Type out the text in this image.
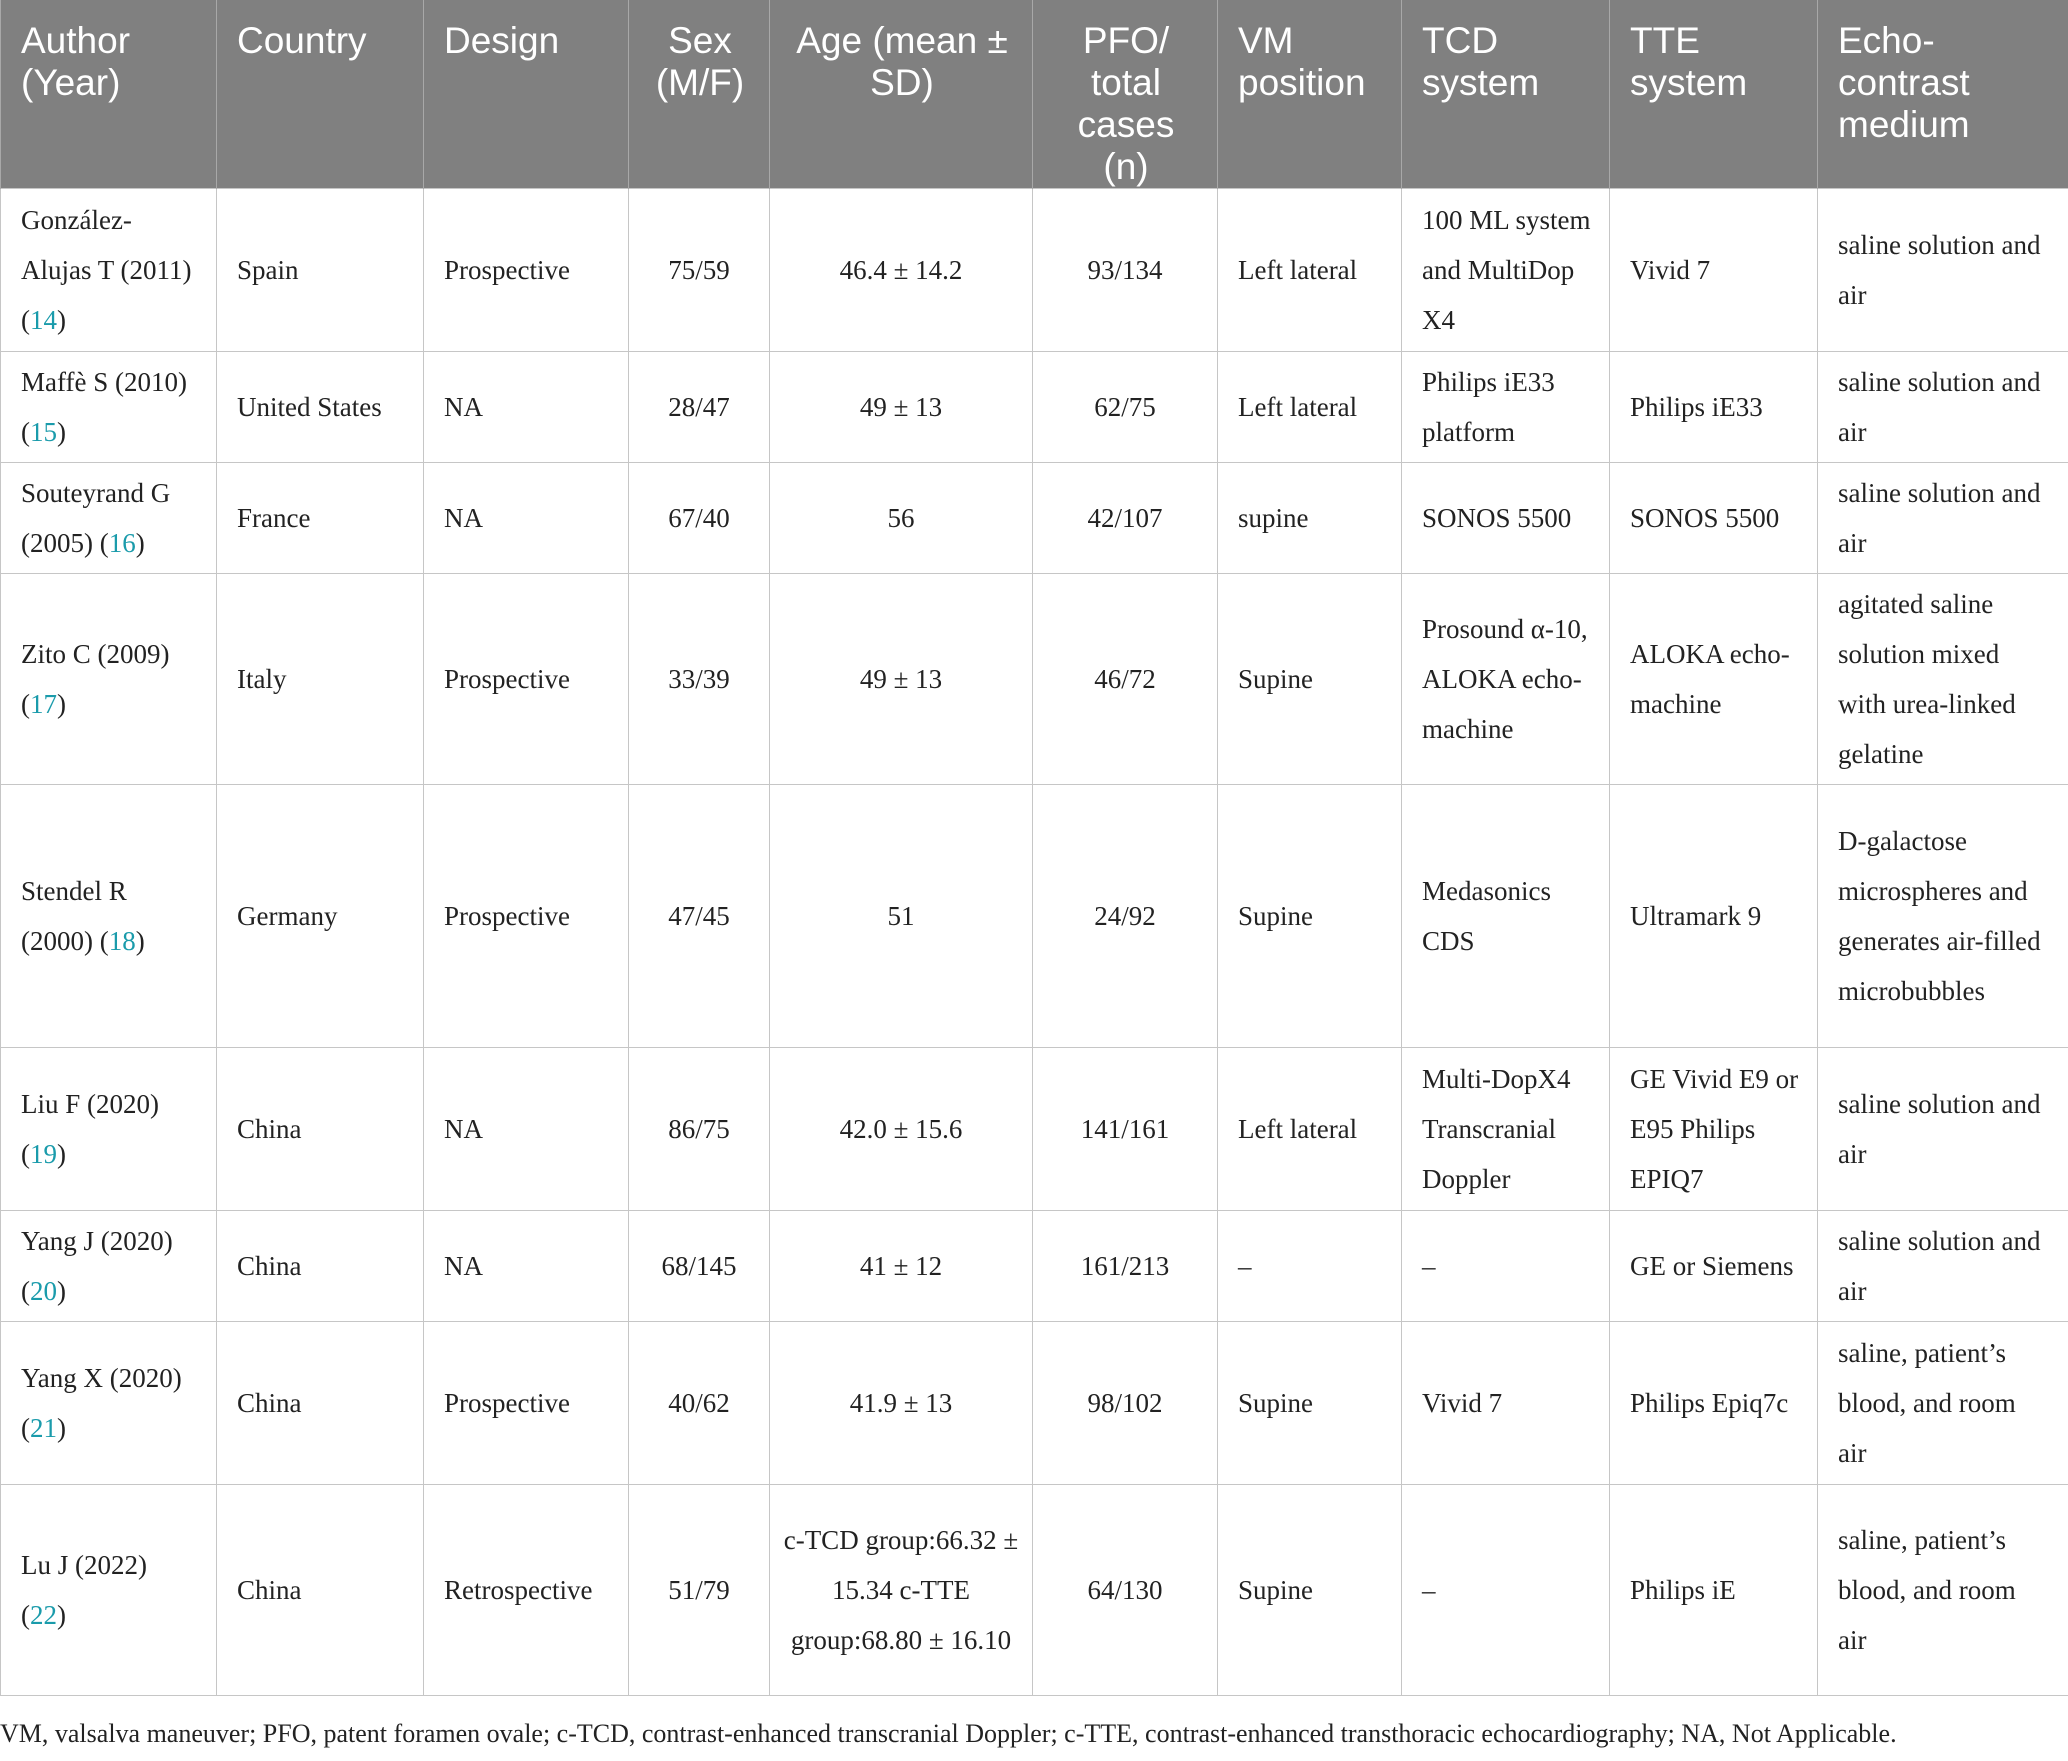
Author (Year)	Country	Design	Sex (M/F)	Age (mean ± SD)	PFO/ total cases (n)	VM position	TCD system	TTE system	Echo-contrast medium
González-Alujas T (2011) (14)	Spain	Prospective	75/59	46.4 ± 14.2	93/134	Left lateral	100 ML system and MultiDop X4	Vivid 7	saline solution and air
Maffè S (2010) (15)	United States	NA	28/47	49 ± 13	62/75	Left lateral	Philips iE33 platform	Philips iE33	saline solution and air
Souteyrand G (2005) (16)	France	NA	67/40	56	42/107	supine	SONOS 5500	SONOS 5500	saline solution and air
Zito C (2009) (17)	Italy	Prospective	33/39	49 ± 13	46/72	Supine	Prosound α-10, ALOKA echo-machine	ALOKA echo-machine	agitated saline solution mixed with urea-linked gelatine
Stendel R (2000) (18)	Germany	Prospective	47/45	51	24/92	Supine	Medasonics CDS	Ultramark 9	D-galactose microspheres and generates air-filled microbubbles
Liu F (2020) (19)	China	NA	86/75	42.0 ± 15.6	141/161	Left lateral	Multi-DopX4 Transcranial Doppler	GE Vivid E9 or E95 Philips EPIQ7	saline solution and air
Yang J (2020) (20)	China	NA	68/145	41 ± 12	161/213	–	–	GE or Siemens	saline solution and air
Yang X (2020) (21)	China	Prospective	40/62	41.9 ± 13	98/102	Supine	Vivid 7	Philips Epiq7c	saline, patient’s blood, and room air
Lu J (2022) (22)	China	Retrospective	51/79	c-TCD group:66.32 ± 15.34 c-TTE group:68.80 ± 16.10	64/130	Supine	–	Philips iE	saline, patient’s blood, and room air
VM, valsalva maneuver; PFO, patent foramen ovale; c-TCD, contrast-enhanced transcranial Doppler; c-TTE, contrast-enhanced transthoracic echocardiography; NA, Not Applicable.
